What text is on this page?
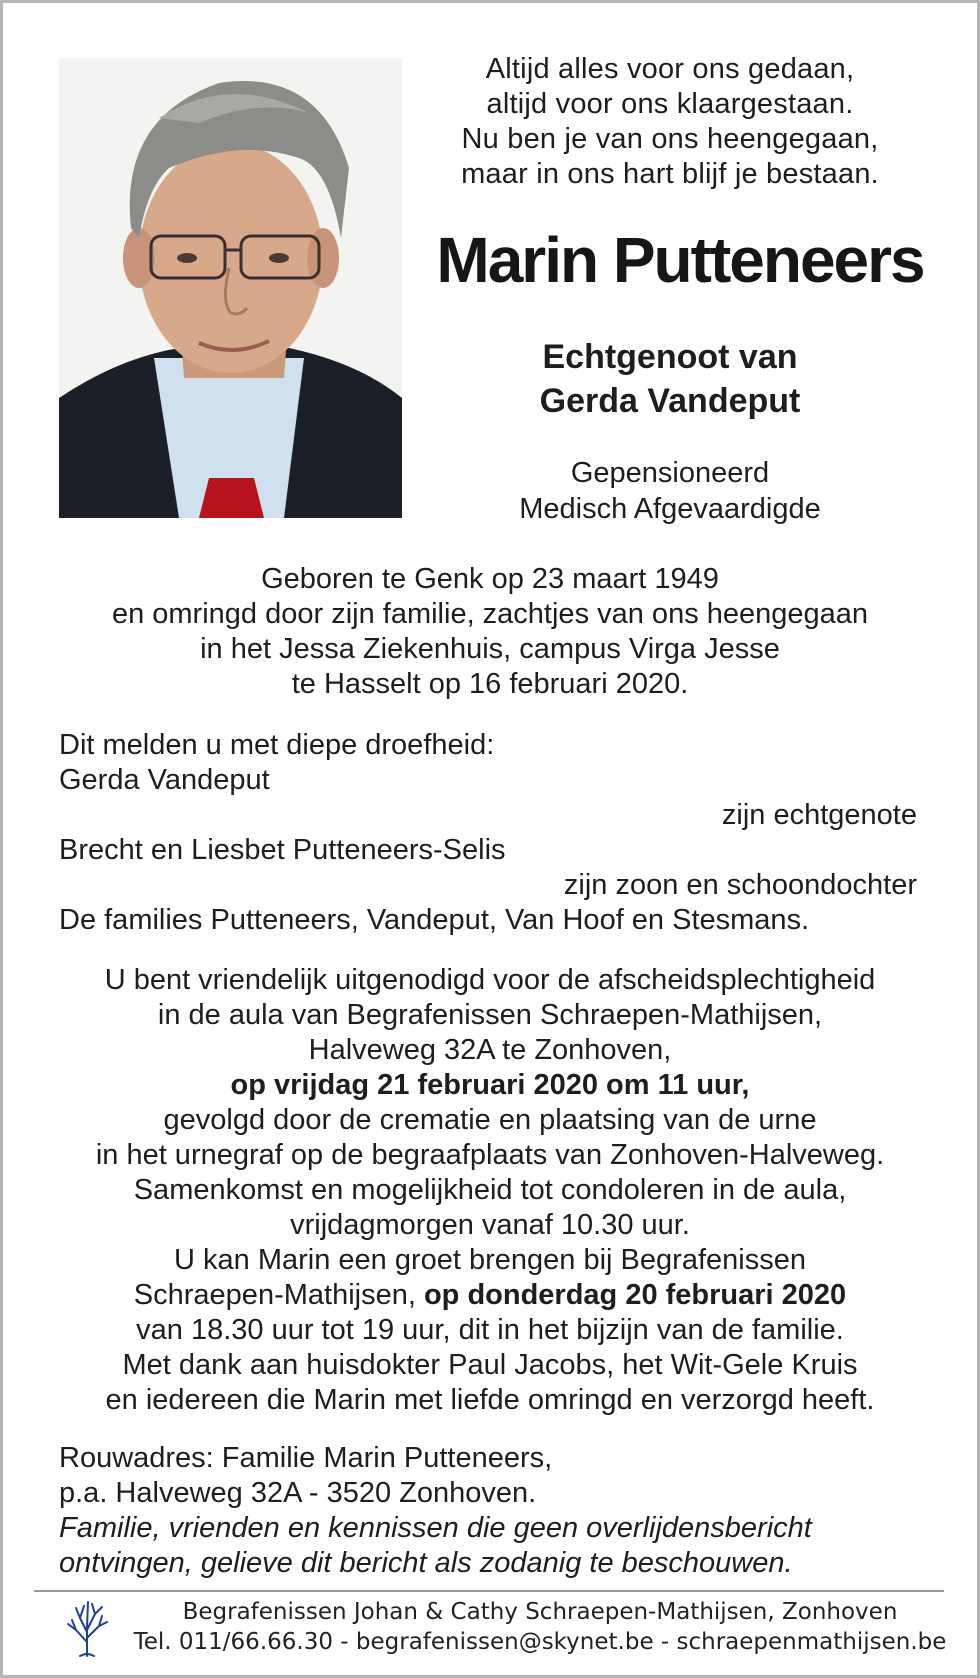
Altijd alles voor ons gedaan,
altijd voor ons klaargestaan.
Nu ben je van ons heengegaan,
maar in ons hart blijf je bestaan.
Marin Putteneers
Echtgenoot van
Gerda Vandeput
Gepensioneerd
Medisch Afgevaardigde
Geboren te Genk op 23 maart 1949
en omringd door zijn familie, zachtjes van ons heengegaan
in het Jessa Ziekenhuis, campus Virga Jesse
te Hasselt op 16 februari 2020.
Dit melden u met diepe droefheid:
Gerda Vandeput
zijn echtgenote
Brecht en Liesbet Putteneers-Selis
zijn zoon en schoondochter
De families Putteneers, Vandeput, Van Hoof en Stesmans.
U bent vriendelijk uitgenodigd voor de afscheidsplechtigheid
in de aula van Begrafenissen Schraepen-Mathijsen,
Halveweg 32A te Zonhoven,
op vrijdag 21 februari 2020 om 11 uur,
gevolgd door de crematie en plaatsing van de urne
in het urnegraf op de begraafplaats van Zonhoven-Halveweg.
Samenkomst en mogelijkheid tot condoleren in de aula,
vrijdagmorgen vanaf 10.30 uur.
U kan Marin een groet brengen bij Begrafenissen
Schraepen-Mathijsen, op donderdag 20 februari 2020
van 18.30 uur tot 19 uur, dit in het bijzijn van de familie.
Met dank aan huisdokter Paul Jacobs, het Wit-Gele Kruis
en iedereen die Marin met liefde omringd en verzorgd heeft.
Rouwadres: Familie Marin Putteneers,
p.a. Halveweg 32A - 3520 Zonhoven.
Familie, vrienden en kennissen die geen overlijdensbericht
ontvingen, gelieve dit bericht als zodanig te beschouwen.
Begrafenissen Johan & Cathy Schraepen-Mathijsen, Zonhoven
Tel. 011/66.66.30 - begrafenissen@skynet.be - schraepenmathijsen.be
